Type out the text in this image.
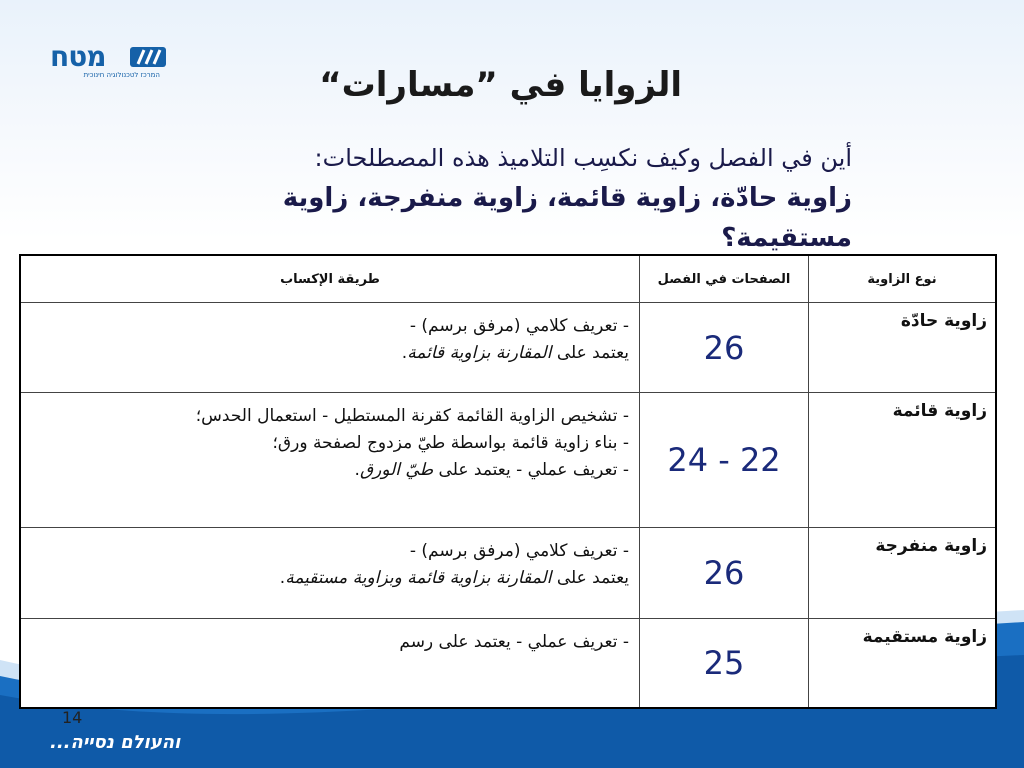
מטח
המרכז לטכנולוגיה חינוכית	الزوايا في ”مسارات“
أين في الفصل وكيف نكسِب التلاميذ هذه المصطلحات:
زاوية حادّة، زاوية قائمة، زاوية منفرجة، زاوية مستقيمة؟
نوع الزاوية	الصفحات في الفصل	طريقة الإكساب
زاوية حادّة	26	- تعريف كلامي (مرفق برسم) -
يعتمد على المقارنة بزاوية قائمة.

زاوية قائمة	22 - 24	- تشخيص الزاوية القائمة كقرنة المستطيل - استعمال الحدس؛
- بناء زاوية قائمة بواسطة طيّ مزدوج لصفحة ورق؛
- تعريف عملي - يعتمد على طيّ الورق.

زاوية منفرجة	26	- تعريف كلامي (مرفق برسم) -
يعتمد على المقارنة بزاوية قائمة وبزاوية مستقيمة.

زاوية مستقيمة	25	- تعريف عملي - يعتمد على رسم
14
והעולם נסייה...
